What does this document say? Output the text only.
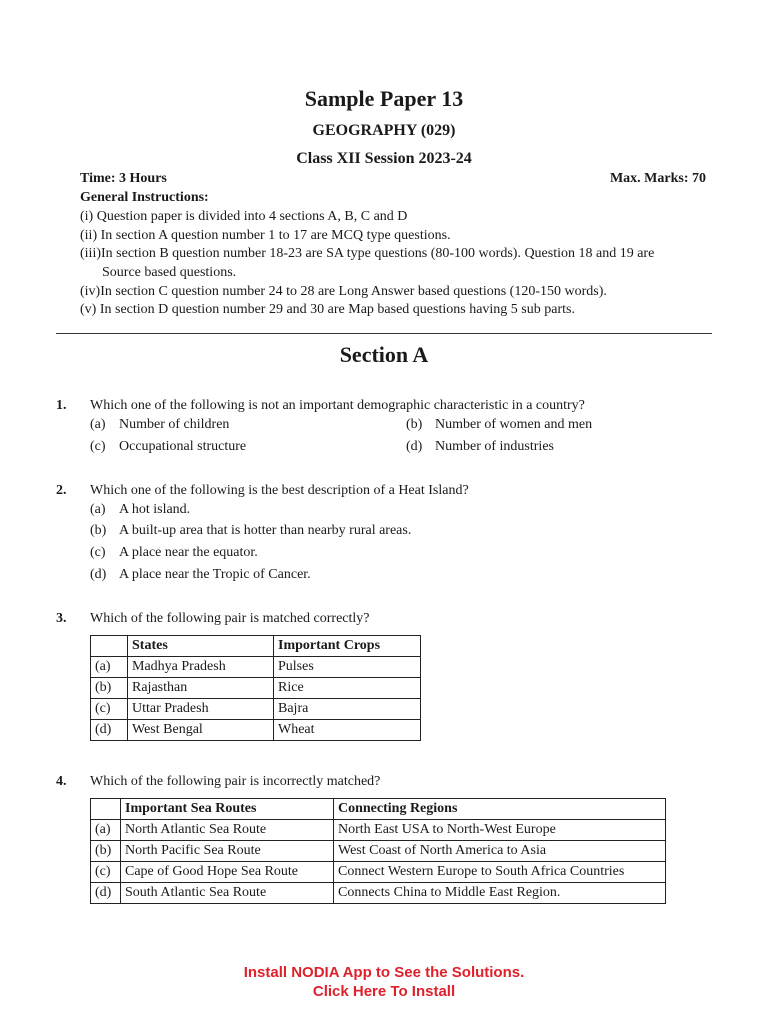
Sample Paper 13
GEOGRAPHY (029)
Class XII Session 2023-24
Time: 3 Hours	Max. Marks: 70
General Instructions:
(i) Question paper is divided into 4 sections A, B, C and D
(ii) In section A question number 1 to 17 are MCQ type questions.
(iii)In section B question number 18-23 are SA type questions (80-100 words). Question 18 and 19 are
Source based questions.
(iv)In section C question number 24 to 28 are Long Answer based questions (120-150 words).
(v) In section D question number 29 and 30 are Map based questions having 5 sub parts.
Section A
1. Which one of the following is not an important demographic characteristic in a country?
(a) Number of children	(b) Number of women and men
(c) Occupational structure	(d) Number of industries
2. Which one of the following is the best description of a Heat Island?
(a) A hot island.
(b) A built-up area that is hotter than nearby rural areas.
(c) A place near the equator.
(d) A place near the Tropic of Cancer.
3. Which of the following pair is matched correctly?
	States	Important Crops
(a)	Madhya Pradesh	Pulses
(b)	Rajasthan	Rice
(c)	Uttar Pradesh	Bajra
(d)	West Bengal	Wheat
4. Which of the following pair is incorrectly matched?
	Important Sea Routes	Connecting Regions
(a)	North Atlantic Sea Route	North East USA to North-West Europe
(b)	North Pacific Sea Route	West Coast of North America to Asia
(c)	Cape of Good Hope Sea Route	Connect Western Europe to South Africa Countries
(d)	South Atlantic Sea Route	Connects China to Middle East Region.
Install NODIA App to See the Solutions.
Click Here To Install
